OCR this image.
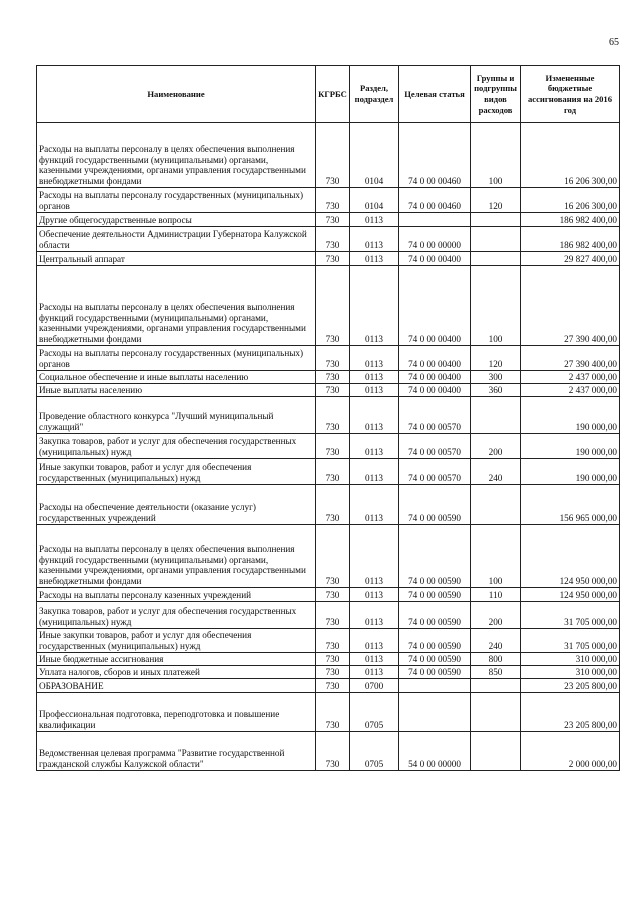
65
Наименование	КГРБС	Раздел, подраздел	Целевая статья	Группы и подгруппы видов расходов	Измененные бюджетные ассигнования на 2016 год
Расходы на выплаты персоналу в целях обеспечения выполнения функций государственными (муниципальными) органами, казенными учреждениями, органами управления государственными внебюджетными фондами	730	0104	74 0 00 00460	100	16 206 300,00
Расходы на выплаты персоналу государственных (муниципальных) органов	730	0104	74 0 00 00460	120	16 206 300,00
Другие общегосударственные вопросы	730	0113			186 982 400,00
Обеспечение деятельности Администрации Губернатора Калужской области	730	0113	74 0 00 00000		186 982 400,00
Центральный аппарат	730	0113	74 0 00 00400		29 827 400,00
Расходы на выплаты персоналу в целях обеспечения выполнения функций государственными (муниципальными) органами, казенными учреждениями, органами управления государственными внебюджетными фондами	730	0113	74 0 00 00400	100	27 390 400,00
Расходы на выплаты персоналу государственных (муниципальных) органов	730	0113	74 0 00 00400	120	27 390 400,00
Социальное обеспечение и иные выплаты населению	730	0113	74 0 00 00400	300	2 437 000,00
Иные выплаты населению	730	0113	74 0 00 00400	360	2 437 000,00
Проведение областного конкурса "Лучший муниципальный служащий"	730	0113	74 0 00 00570		190 000,00
Закупка товаров, работ и услуг для обеспечения государственных (муниципальных) нужд	730	0113	74 0 00 00570	200	190 000,00
Иные закупки товаров, работ и услуг для обеспечения государственных (муниципальных) нужд	730	0113	74 0 00 00570	240	190 000,00
Расходы на обеспечение деятельности (оказание услуг) государственных учреждений	730	0113	74 0 00 00590		156 965 000,00
Расходы на выплаты персоналу в целях обеспечения выполнения функций государственными (муниципальными) органами, казенными учреждениями, органами управления государственными внебюджетными фондами	730	0113	74 0 00 00590	100	124 950 000,00
Расходы на выплаты персоналу казенных учреждений	730	0113	74 0 00 00590	110	124 950 000,00
Закупка товаров, работ и услуг для обеспечения государственных (муниципальных) нужд	730	0113	74 0 00 00590	200	31 705 000,00
Иные закупки товаров, работ и услуг для обеспечения государственных (муниципальных) нужд	730	0113	74 0 00 00590	240	31 705 000,00
Иные бюджетные ассигнования	730	0113	74 0 00 00590	800	310 000,00
Уплата налогов, сборов и иных платежей	730	0113	74 0 00 00590	850	310 000,00
ОБРАЗОВАНИЕ	730	0700			23 205 800,00
Профессиональная подготовка, переподготовка и повышение квалификации	730	0705			23 205 800,00
Ведомственная целевая программа "Развитие государственной гражданской службы Калужской области"	730	0705	54 0 00 00000		2 000 000,00
